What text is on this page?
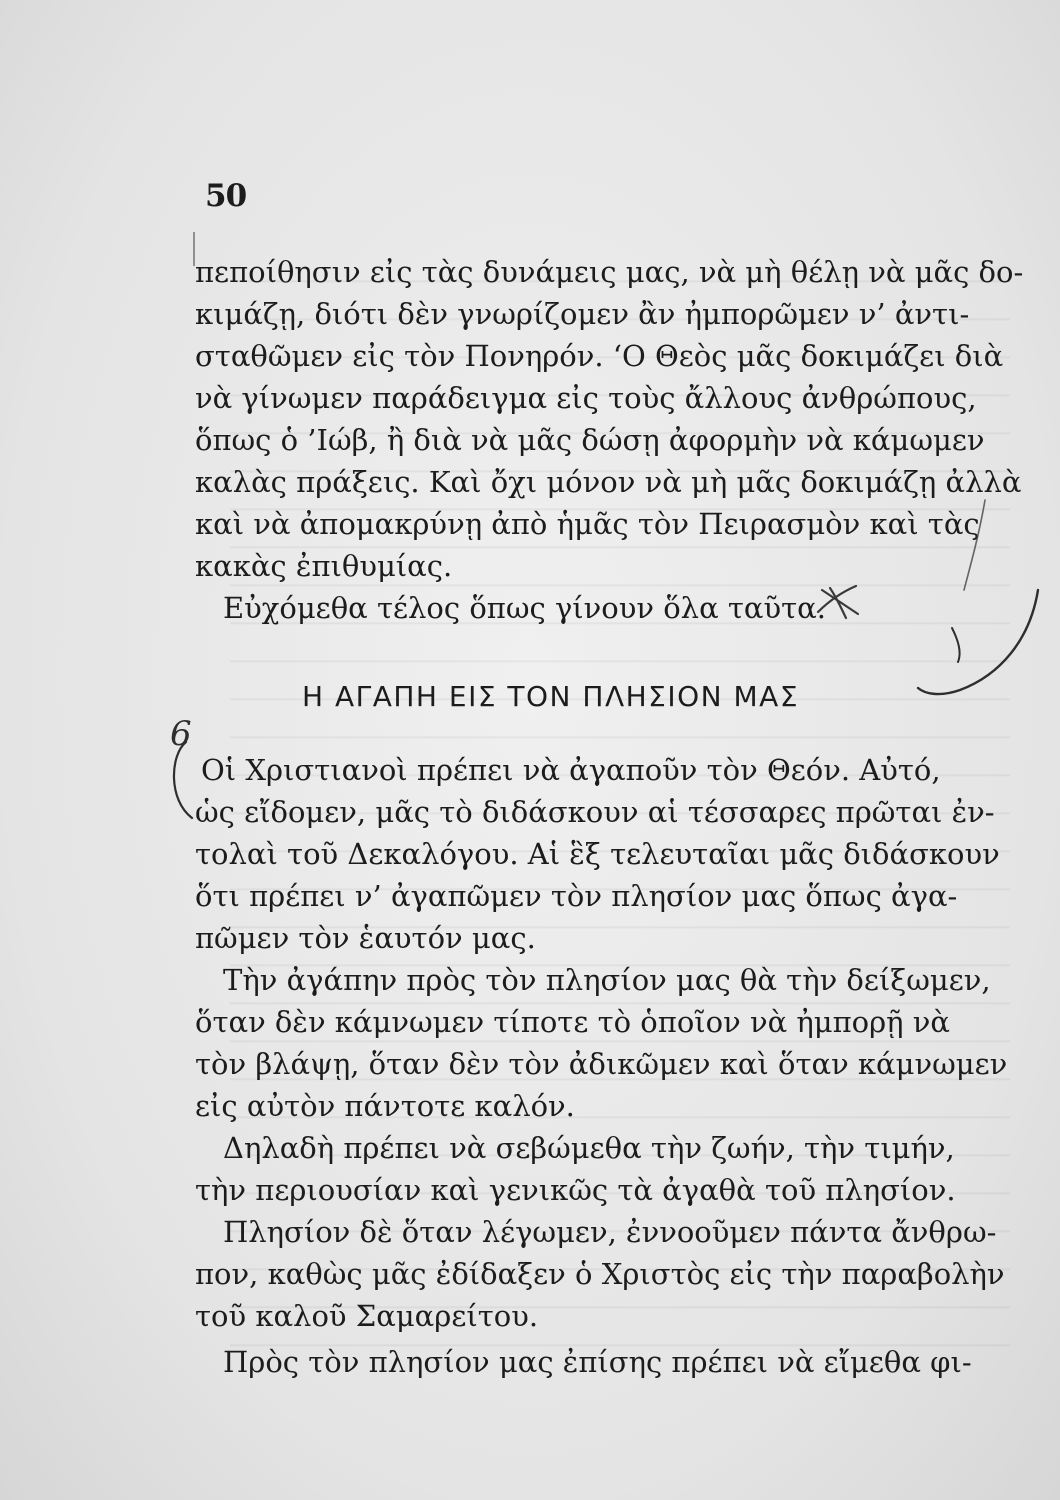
50
πεποίθησιν εἰς τὰς δυνάμεις μας, νὰ μὴ θέλῃ νὰ μᾶς δο-
κιμάζῃ, διότι δὲν γνωρίζομεν ἂν ἠμπορῶμεν ν’ ἀντι-
σταθῶμεν εἰς τὸν Πονηρόν. ‘Ο Θεὸς μᾶς δοκιμάζει διὰ
νὰ γίνωμεν παράδειγμα εἰς τοὺς ἄλλους ἀνθρώπους,
ὅπως ὁ ’Ιώβ, ἢ διὰ νὰ μᾶς δώσῃ ἀφορμὴν νὰ κάμωμεν
καλὰς πράξεις. Καὶ ὄχι μόνον νὰ μὴ μᾶς δοκιμάζῃ ἀλλὰ
καὶ νὰ ἀπομακρύνῃ ἀπὸ ἡμᾶς τὸν Πειρασμὸν καὶ τὰς
κακὰς ἐπιθυμίας.
Εὐχόμεθα τέλος ὅπως γίνουν ὅλα ταῦτα.
Οἱ Χριστιανοὶ πρέπει νὰ ἀγαποῦν τὸν Θεόν. Αὐτό,
ὡς εἴδομεν, μᾶς τὸ διδάσκουν αἱ τέσσαρες πρῶται ἐν-
τολαὶ τοῦ Δεκαλόγου. Αἱ ἓξ τελευταῖαι μᾶς διδάσκουν
ὅτι πρέπει ν’ ἀγαπῶμεν τὸν πλησίον μας ὅπως ἀγα-
πῶμεν τὸν ἑαυτόν μας.
Τὴν ἀγάπην πρὸς τὸν πλησίον μας θὰ τὴν δείξωμεν,
ὅταν δὲν κάμνωμεν τίποτε τὸ ὁποῖον νὰ ἠμπορῇ νὰ
τὸν βλάψῃ, ὅταν δὲν τὸν ἀδικῶμεν καὶ ὅταν κάμνωμεν
εἰς αὐτὸν πάντοτε καλόν.
Δηλαδὴ πρέπει νὰ σεβώμεθα τὴν ζωήν, τὴν τιμήν,
τὴν περιουσίαν καὶ γενικῶς τὰ ἀγαθὰ τοῦ πλησίον.
Πλησίον δὲ ὅταν λέγωμεν, ἐννοοῦμεν πάντα ἄνθρω-
πον, καθὼς μᾶς ἐδίδαξεν ὁ Χριστὸς εἰς τὴν παραβολὴν
τοῦ καλοῦ Σαμαρείτου.
Πρὸς τὸν πλησίον μας ἐπίσης πρέπει νὰ εἴμεθα φι-
Η ΑΓΑΠΗ ΕΙΣ ΤΟΝ ΠΛΗΣΙΟΝ ΜΑΣ
6
